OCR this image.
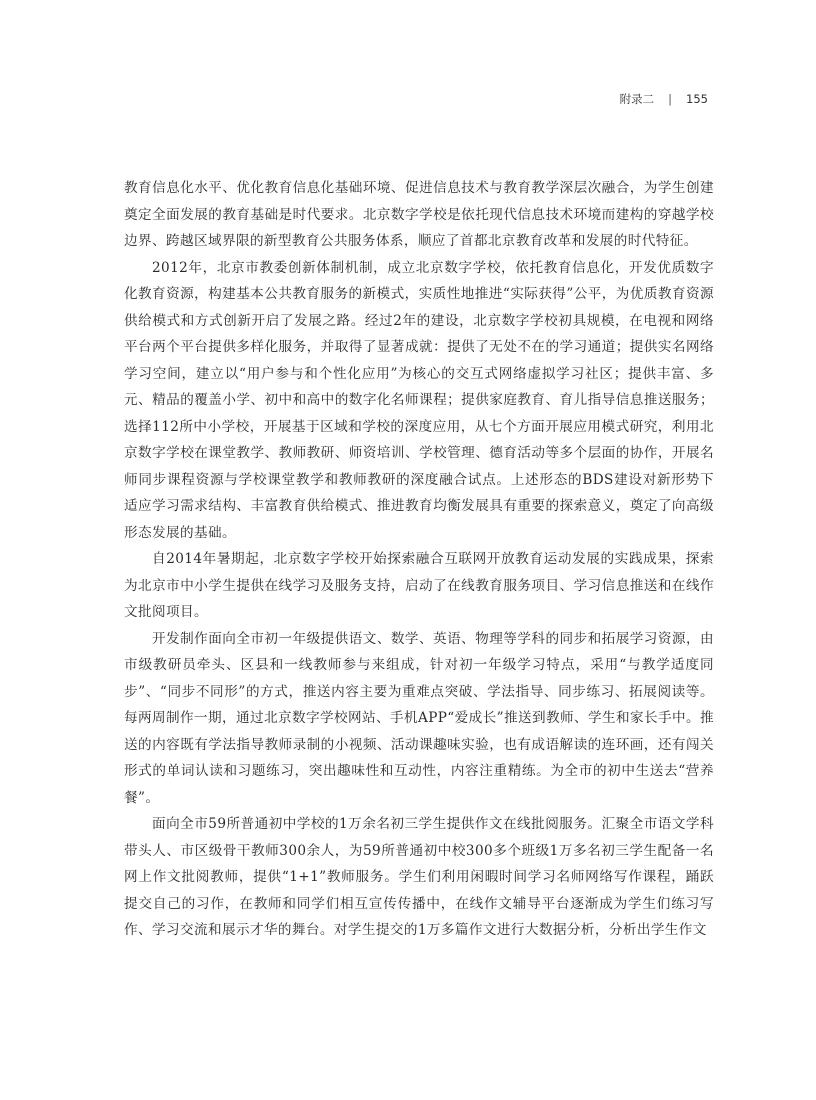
附录二 | 155

教育信息化水平、优化教育信息化基础环境、促进信息技术与教育教学深层次融合，为学生创建奠定全面发展的教育基础是时代要求。北京数字学校是依托现代信息技术环境而建构的穿越学校边界、跨越区域界限的新型教育公共服务体系，顺应了首都北京教育改革和发展的时代特征。

2012年，北京市教委创新体制机制，成立北京数字学校，依托教育信息化，开发优质数字化教育资源，构建基本公共教育服务的新模式，实质性地推进“实际获得”公平，为优质教育资源供给模式和方式创新开启了发展之路。经过2年的建设，北京数字学校初具规模，在电视和网络平台两个平台提供多样化服务，并取得了显著成就：提供了无处不在的学习通道；提供实名网络学习空间，建立以“用户参与和个性化应用”为核心的交互式网络虚拟学习社区；提供丰富、多元、精品的覆盖小学、初中和高中的数字化名师课程；提供家庭教育、育儿指导信息推送服务；选择112所中小学校，开展基于区域和学校的深度应用，从七个方面开展应用模式研究，利用北京数字学校在课堂教学、教师教研、师资培训、学校管理、德育活动等多个层面的协作，开展名师同步课程资源与学校课堂教学和教师教研的深度融合试点。上述形态的BDS建设对新形势下适应学习需求结构、丰富教育供给模式、推进教育均衡发展具有重要的探索意义，奠定了向高级形态发展的基础。

自2014年暑期起，北京数字学校开始探索融合互联网开放教育运动发展的实践成果，探索为北京市中小学生提供在线学习及服务支持，启动了在线教育服务项目、学习信息推送和在线作文批阅项目。

开发制作面向全市初一年级提供语文、数学、英语、物理等学科的同步和拓展学习资源，由市级教研员牵头、区县和一线教师参与来组成，针对初一年级学习特点，采用“与教学适度同步”、“同步不同形”的方式，推送内容主要为重难点突破、学法指导、同步练习、拓展阅读等。每两周制作一期，通过北京数字学校网站、手机APP“爱成长”推送到教师、学生和家长手中。推送的内容既有学法指导教师录制的小视频、活动课趣味实验，也有成语解读的连环画，还有闯关形式的单词认读和习题练习，突出趣味性和互动性，内容注重精练。为全市的初中生送去“营养餐”。

面向全市59所普通初中学校的1万余名初三学生提供作文在线批阅服务。汇聚全市语文学科带头人、市区级骨干教师300余人，为59所普通初中校300多个班级1万多名初三学生配备一名网上作文批阅教师，提供“1+1”教师服务。学生们利用闲暇时间学习名师网络写作课程，踊跃提交自己的习作，在教师和同学们相互宣传传播中，在线作文辅导平台逐渐成为学生们练习写作、学习交流和展示才华的舞台。对学生提交的1万多篇作文进行大数据分析，分析出学生作文
